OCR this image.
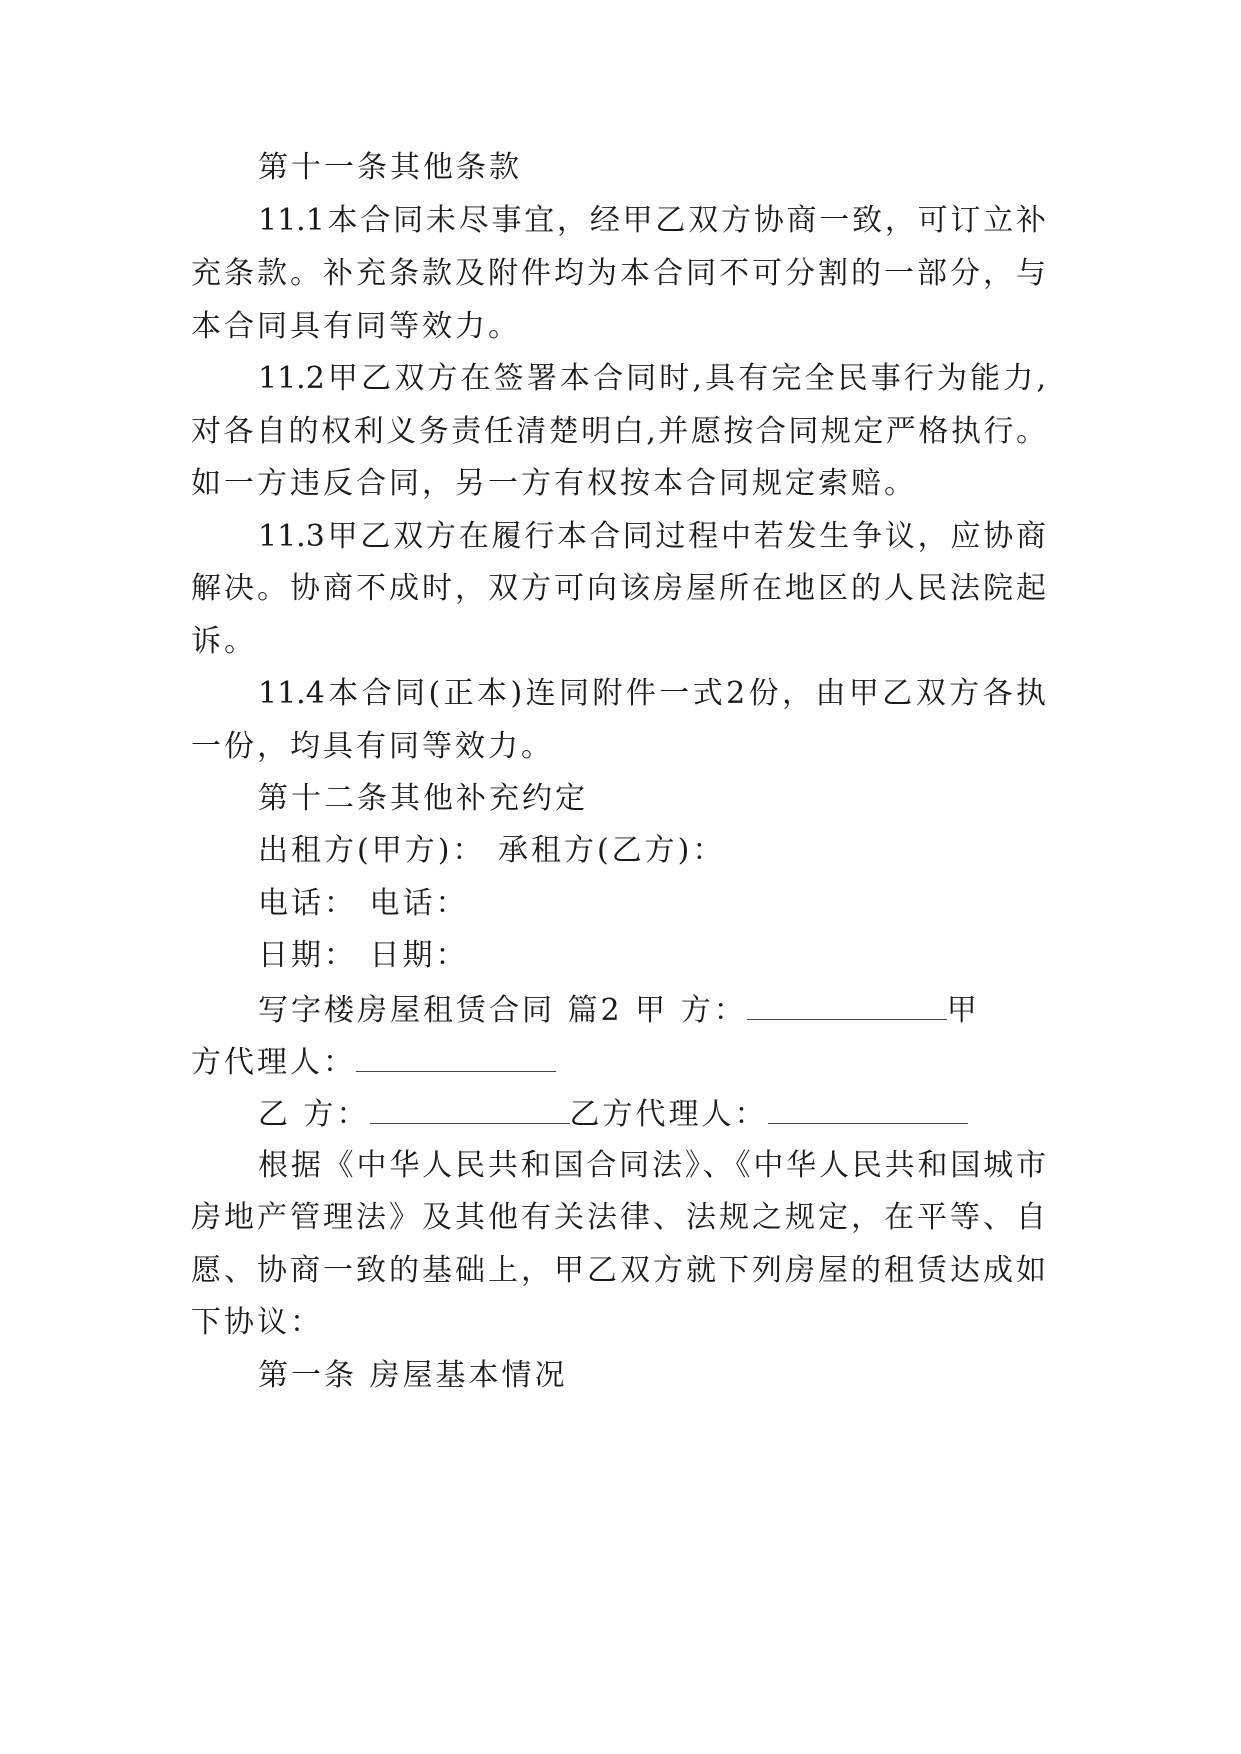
第十一条其他条款
11.1本合同未尽事宜，经甲乙双方协商一致，可订立补
充条款。补充条款及附件均为本合同不可分割的一部分，与
本合同具有同等效力。
11.2甲乙双方在签署本合同时,具有完全民事行为能力,
对各自的权利义务责任清楚明白,并愿按合同规定严格执行。
如一方违反合同，另一方有权按本合同规定索赔。
11.3甲乙双方在履行本合同过程中若发生争议，应协商
解决。协商不成时，双方可向该房屋所在地区的人民法院起
诉。
11.4本合同(正本)连同附件一式2份，由甲乙双方各执
一份，均具有同等效力。
第十二条其他补充约定
出租方(甲方)： 承租方(乙方)：
电话： 电话：
日期： 日期：
写字楼房屋租赁合同 篇2 甲 方：	甲
方代理人：
乙 方：	乙方代理人：
根据《中华人民共和国合同法》、《中华人民共和国城市
房地产管理法》及其他有关法律、法规之规定，在平等、自
愿、协商一致的基础上，甲乙双方就下列房屋的租赁达成如
下协议：
第一条 房屋基本情况
